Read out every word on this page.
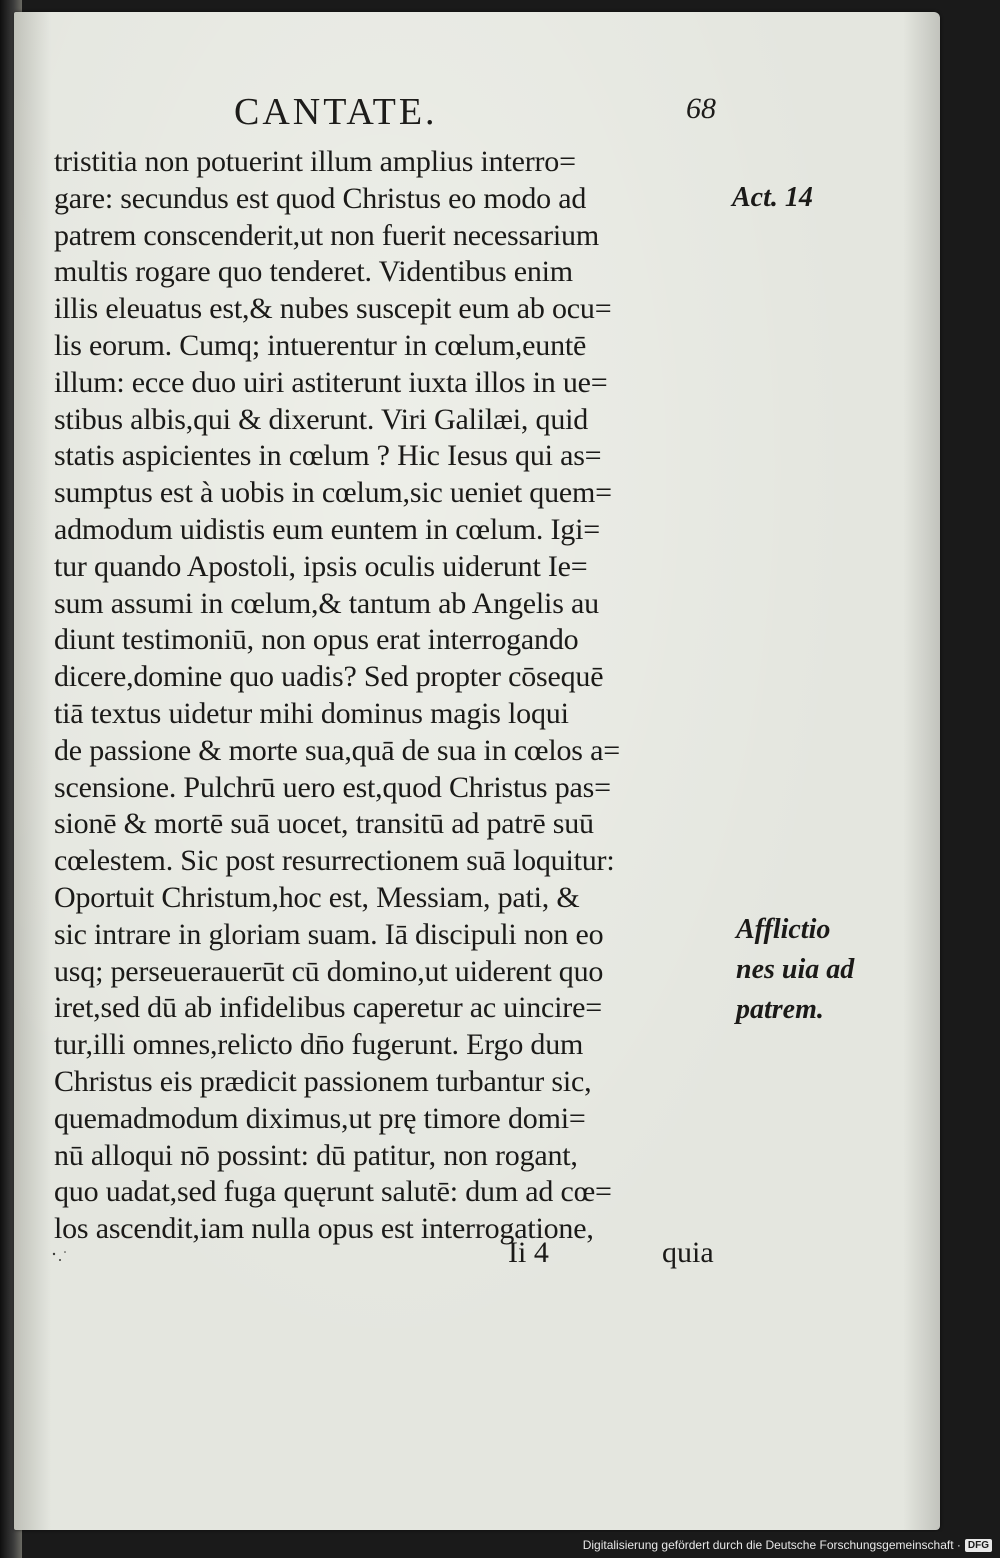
CANTATE.	68
tristitia non potuerint illum amplius interro=
gare: secundus est quod Christus eo modo ad
patrem conscenderit,ut non fuerit necessarium
multis rogare quo tenderet. Videntibus enim
illis eleuatus est,& nubes suscepit eum ab ocu=
lis eorum. Cumq; intuerentur in cœlum,euntē
illum: ecce duo uiri astiterunt iuxta illos in ue=
stibus albis,qui & dixerunt. Viri Galilæi, quid
statis aspicientes in cœlum ? Hic Iesus qui as=
sumptus est à uobis in cœlum,sic ueniet quem=
admodum uidistis eum euntem in cœlum. Igi=
tur quando Apostoli, ipsis oculis uiderunt Ie=
sum assumi in cœlum,& tantum ab Angelis au
diunt testimoniū, non opus erat interrogando
dicere,domine quo uadis? Sed propter cōsequē
tiā textus uidetur mihi dominus magis loqui
de passione & morte sua,quā de sua in cœlos a=
scensione. Pulchrū uero est,quod Christus pas=
sionē & mortē suā uocet, transitū ad patrē suū
cœlestem. Sic post resurrectionem suā loquitur:
Oportuit Christum,hoc est, Messiam, pati, &
sic intrare in gloriam suam. Iā discipuli non eo
usq; perseuerauerūt cū domino,ut uiderent quo
iret,sed dū ab infidelibus caperetur ac uincire=
tur,illi omnes,relicto dn̄o fugerunt. Ergo dum
Christus eis prædicit passionem turbantur sic,
quemadmodum diximus,ut prę timore domi=
nū alloqui nō possint: dū patitur, non rogant,
quo uadat,sed fuga quęrunt salutē: dum ad cœ=
los ascendit,iam nulla opus est interrogatione,
Act. 14
Afflictio
nes uia ad
patrem.
Ii 4	quia
Digitalisierung gefördert durch die Deutsche Forschungsgemeinschaft · DFG
